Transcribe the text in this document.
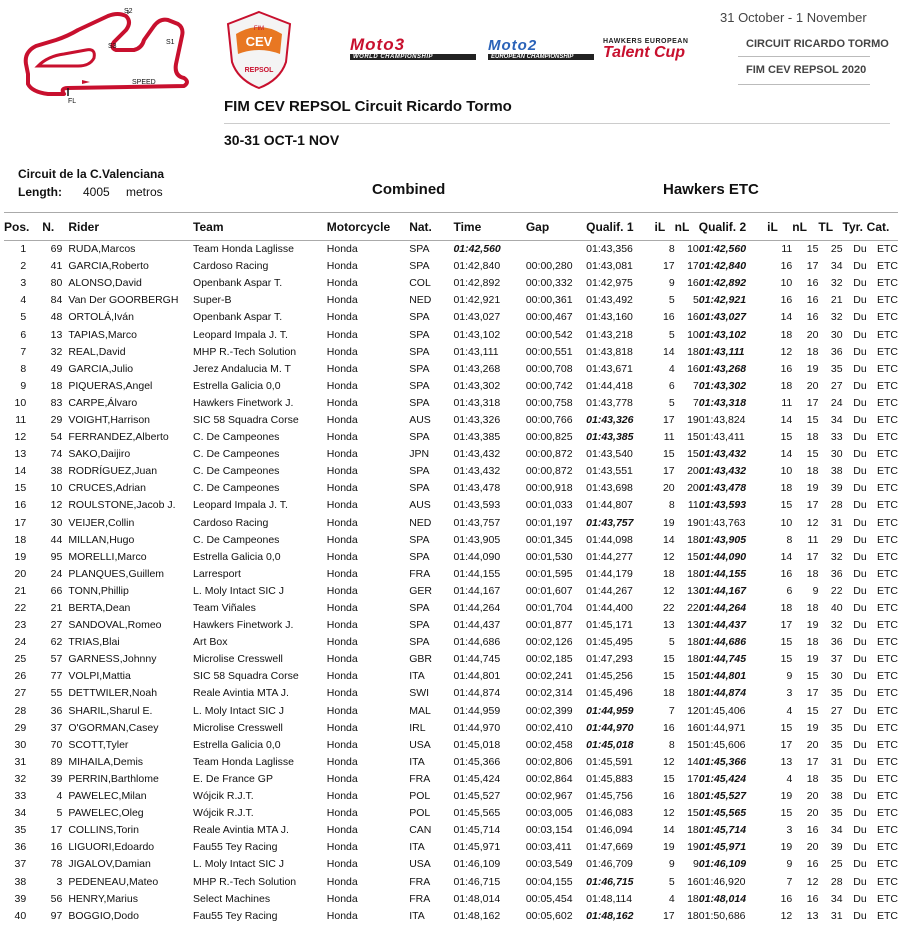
S2
S3
S1
SPEED
FL
FIM
CEV
REPSOL
Moto3
WORLD CHAMPIONSHIP
Moto2
EUROPEAN CHAMPIONSHIP
HAWKERS EUROPEAN
Talent Cup
31 October - 1 November
CIRCUIT RICARDO TORMO
FIM CEV REPSOL 2020
FIM CEV REPSOL Circuit Ricardo Tormo
30-31 OCT-1 NOV
Circuit de la C.Valenciana
Length: 4005 metros	Combined	Hawkers ETC
Pos.	N.	Rider	Team	Motorcycle	Nat.	Time	Gap	Qualif. 1	iL	nL	Qualif. 2	iL	nL	TL	Tyr.	Cat.
1	69	RUDA,Marcos	Team Honda Laglisse	Honda	SPA	01:42,560		01:43,356	8	10	01:42,560	11	15	25	Du	ETC
2	41	GARCIA,Roberto	Cardoso Racing	Honda	SPA	01:42,840	00:00,280	01:43,081	17	17	01:42,840	16	17	34	Du	ETC
3	80	ALONSO,David	Openbank Aspar T.	Honda	COL	01:42,892	00:00,332	01:42,975	9	16	01:42,892	10	16	32	Du	ETC
4	84	Van Der GOORBERGH	Super-B	Honda	NED	01:42,921	00:00,361	01:43,492	5	5	01:42,921	16	16	21	Du	ETC
5	48	ORTOLÁ,Iván	Openbank Aspar T.	Honda	SPA	01:43,027	00:00,467	01:43,160	16	16	01:43,027	14	16	32	Du	ETC
6	13	TAPIAS,Marco	Leopard Impala J. T.	Honda	SPA	01:43,102	00:00,542	01:43,218	5	10	01:43,102	18	20	30	Du	ETC
7	32	REAL,David	MHP R.-Tech Solution	Honda	SPA	01:43,111	00:00,551	01:43,818	14	18	01:43,111	12	18	36	Du	ETC
8	49	GARCIA,Julio	Jerez Andalucia M. T	Honda	SPA	01:43,268	00:00,708	01:43,671	4	16	01:43,268	16	19	35	Du	ETC
9	18	PIQUERAS,Angel	Estrella Galicia 0,0	Honda	SPA	01:43,302	00:00,742	01:44,418	6	7	01:43,302	18	20	27	Du	ETC
10	83	CARPE,Álvaro	Hawkers Finetwork J.	Honda	SPA	01:43,318	00:00,758	01:43,778	5	7	01:43,318	11	17	24	Du	ETC
11	29	VOIGHT,Harrison	SIC 58 Squadra Corse	Honda	AUS	01:43,326	00:00,766	01:43,326	17	19	01:43,824	14	15	34	Du	ETC
12	54	FERRANDEZ,Alberto	C. De Campeones	Honda	SPA	01:43,385	00:00,825	01:43,385	11	15	01:43,411	15	18	33	Du	ETC
13	74	SAKO,Daijiro	C. De Campeones	Honda	JPN	01:43,432	00:00,872	01:43,540	15	15	01:43,432	14	15	30	Du	ETC
14	38	RODRÍGUEZ,Juan	C. De Campeones	Honda	SPA	01:43,432	00:00,872	01:43,551	17	20	01:43,432	10	18	38	Du	ETC
15	10	CRUCES,Adrian	C. De Campeones	Honda	SPA	01:43,478	00:00,918	01:43,698	20	20	01:43,478	18	19	39	Du	ETC
16	12	ROULSTONE,Jacob J.	Leopard Impala J. T.	Honda	AUS	01:43,593	00:01,033	01:44,807	8	11	01:43,593	15	17	28	Du	ETC
17	30	VEIJER,Collin	Cardoso Racing	Honda	NED	01:43,757	00:01,197	01:43,757	19	19	01:43,763	10	12	31	Du	ETC
18	44	MILLAN,Hugo	C. De Campeones	Honda	SPA	01:43,905	00:01,345	01:44,098	14	18	01:43,905	8	11	29	Du	ETC
19	95	MORELLI,Marco	Estrella Galicia 0,0	Honda	SPA	01:44,090	00:01,530	01:44,277	12	15	01:44,090	14	17	32	Du	ETC
20	24	PLANQUES,Guillem	Larresport	Honda	FRA	01:44,155	00:01,595	01:44,179	18	18	01:44,155	16	18	36	Du	ETC
21	66	TONN,Phillip	L. Moly Intact SIC J	Honda	GER	01:44,167	00:01,607	01:44,267	12	13	01:44,167	6	9	22	Du	ETC
22	21	BERTA,Dean	Team Viñales	Honda	SPA	01:44,264	00:01,704	01:44,400	22	22	01:44,264	18	18	40	Du	ETC
23	27	SANDOVAL,Romeo	Hawkers Finetwork J.	Honda	SPA	01:44,437	00:01,877	01:45,171	13	13	01:44,437	17	19	32	Du	ETC
24	62	TRIAS,Blai	Art Box	Honda	SPA	01:44,686	00:02,126	01:45,495	5	18	01:44,686	15	18	36	Du	ETC
25	57	GARNESS,Johnny	Microlise Cresswell	Honda	GBR	01:44,745	00:02,185	01:47,293	15	18	01:44,745	15	19	37	Du	ETC
26	77	VOLPI,Mattia	SIC 58 Squadra Corse	Honda	ITA	01:44,801	00:02,241	01:45,256	15	15	01:44,801	9	15	30	Du	ETC
27	55	DETTWILER,Noah	Reale Avintia MTA J.	Honda	SWI	01:44,874	00:02,314	01:45,496	18	18	01:44,874	3	17	35	Du	ETC
28	36	SHARIL,Sharul E.	L. Moly Intact SIC J	Honda	MAL	01:44,959	00:02,399	01:44,959	7	12	01:45,406	4	15	27	Du	ETC
29	37	O'GORMAN,Casey	Microlise Cresswell	Honda	IRL	01:44,970	00:02,410	01:44,970	16	16	01:44,971	15	19	35	Du	ETC
30	70	SCOTT,Tyler	Estrella Galicia 0,0	Honda	USA	01:45,018	00:02,458	01:45,018	8	15	01:45,606	17	20	35	Du	ETC
31	89	MIHAILA,Demis	Team Honda Laglisse	Honda	ITA	01:45,366	00:02,806	01:45,591	12	14	01:45,366	13	17	31	Du	ETC
32	39	PERRIN,Barthlome	E. De France GP	Honda	FRA	01:45,424	00:02,864	01:45,883	15	17	01:45,424	4	18	35	Du	ETC
33	4	PAWELEC,Milan	Wójcik R.J.T.	Honda	POL	01:45,527	00:02,967	01:45,756	16	18	01:45,527	19	20	38	Du	ETC
34	5	PAWELEC,Oleg	Wójcik R.J.T.	Honda	POL	01:45,565	00:03,005	01:46,083	12	15	01:45,565	15	20	35	Du	ETC
35	17	COLLINS,Torin	Reale Avintia MTA J.	Honda	CAN	01:45,714	00:03,154	01:46,094	14	18	01:45,714	3	16	34	Du	ETC
36	16	LIGUORI,Edoardo	Fau55 Tey Racing	Honda	ITA	01:45,971	00:03,411	01:47,669	19	19	01:45,971	19	20	39	Du	ETC
37	78	JIGALOV,Damian	L. Moly Intact SIC J	Honda	USA	01:46,109	00:03,549	01:46,709	9	9	01:46,109	9	16	25	Du	ETC
38	3	PEDENEAU,Mateo	MHP R.-Tech Solution	Honda	FRA	01:46,715	00:04,155	01:46,715	5	16	01:46,920	7	12	28	Du	ETC
39	56	HENRY,Marius	Select Machines	Honda	FRA	01:48,014	00:05,454	01:48,114	4	18	01:48,014	16	16	34	Du	ETC
40	97	BOGGIO,Dodo	Fau55 Tey Racing	Honda	ITA	01:48,162	00:05,602	01:48,162	17	18	01:50,686	12	13	31	Du	ETC
